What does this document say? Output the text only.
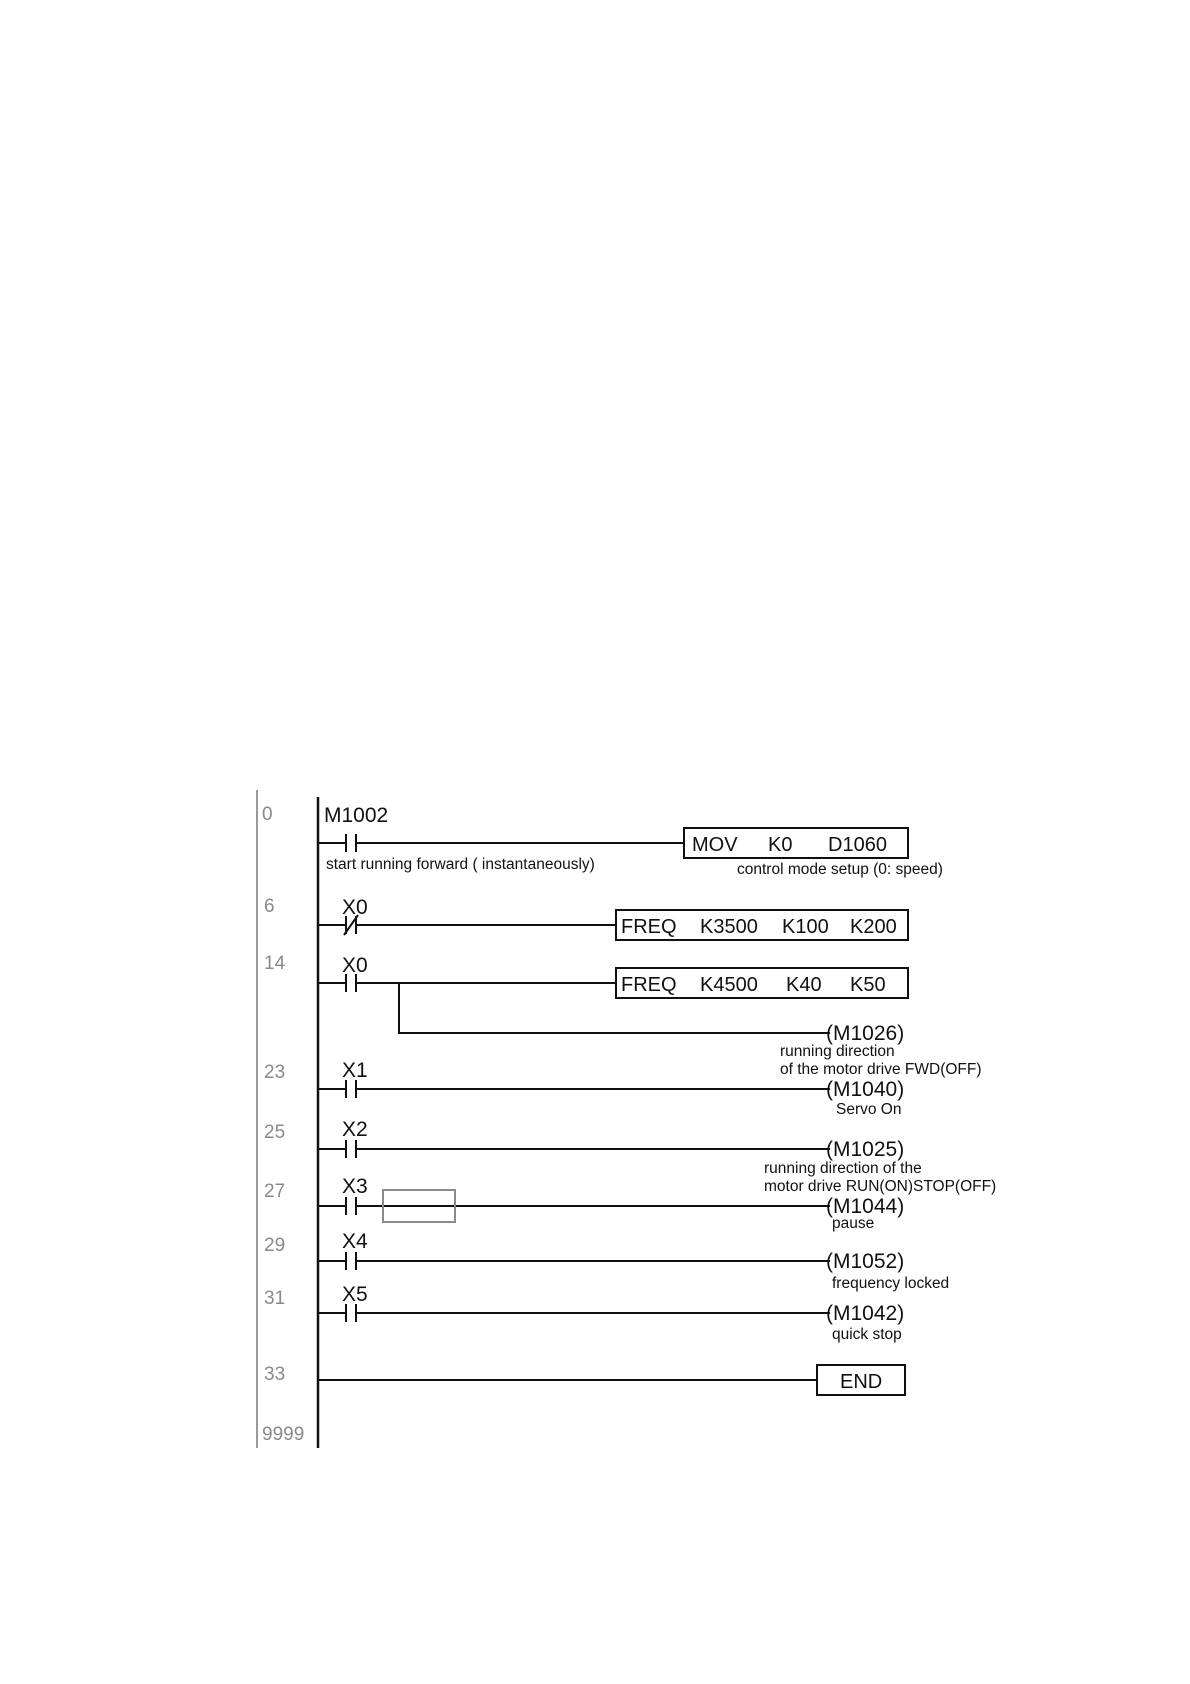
0
6
14
23
25
27
29
31
33
9999
M1002
MOV K0 D1060
start running forward ( instantaneously)	control mode setup (0: speed)
X0
FREQ K3500 K100 K200
X0
FREQ K4500 K40 K50
(M1026)
running direction
of the motor drive FWD(OFF)
X1
(M1040)
Servo On
X2
(M1025)
running direction of the
motor drive RUN(ON)STOP(OFF)
X3
(M1044)
pause
X4
(M1052)
frequency locked
X5
(M1042)
quick stop
END
